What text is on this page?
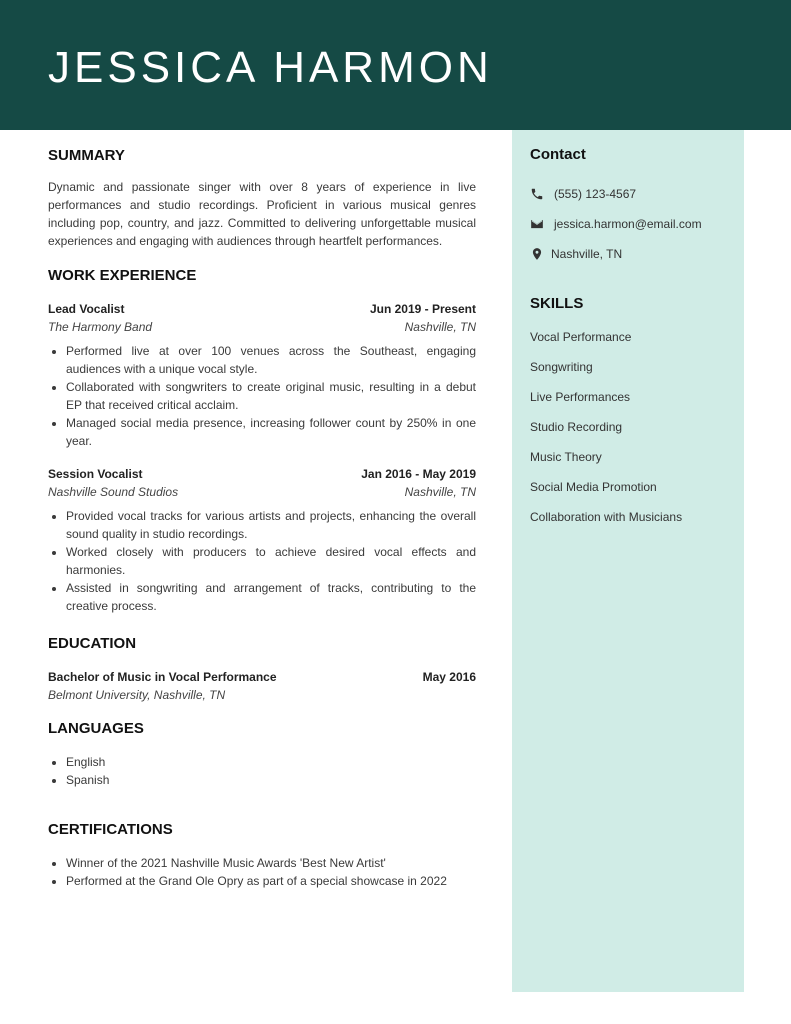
JESSICA HARMON
SUMMARY

Dynamic and passionate singer with over 8 years of experience in live performances and studio recordings. Proficient in various musical genres including pop, country, and jazz. Committed to delivering unforgettable musical experiences and engaging with audiences through heartfelt performances.

WORK EXPERIENCE
Lead Vocalist	Jun 2019 - Present
The Harmony Band	Nashville, TN
• Performed live at over 100 venues across the Southeast, engaging audiences with a unique vocal style.
• Collaborated with songwriters to create original music, resulting in a debut EP that received critical acclaim.
• Managed social media presence, increasing follower count by 250% in one year.
Session Vocalist	Jan 2016 - May 2019
Nashville Sound Studios	Nashville, TN
• Provided vocal tracks for various artists and projects, enhancing the overall sound quality in studio recordings.
• Worked closely with producers to achieve desired vocal effects and harmonies.
• Assisted in songwriting and arrangement of tracks, contributing to the creative process.
EDUCATION
Bachelor of Music in Vocal Performance	May 2016
Belmont University, Nashville, TN
LANGUAGES
• English
• Spanish
CERTIFICATIONS
• Winner of the 2021 Nashville Music Awards 'Best New Artist'
• Performed at the Grand Ole Opry as part of a special showcase in 2022
Contact
(555) 123-4567
jessica.harmon@email.com
Nashville, TN
SKILLS
Vocal Performance
Songwriting
Live Performances
Studio Recording
Music Theory
Social Media Promotion
Collaboration with Musicians
